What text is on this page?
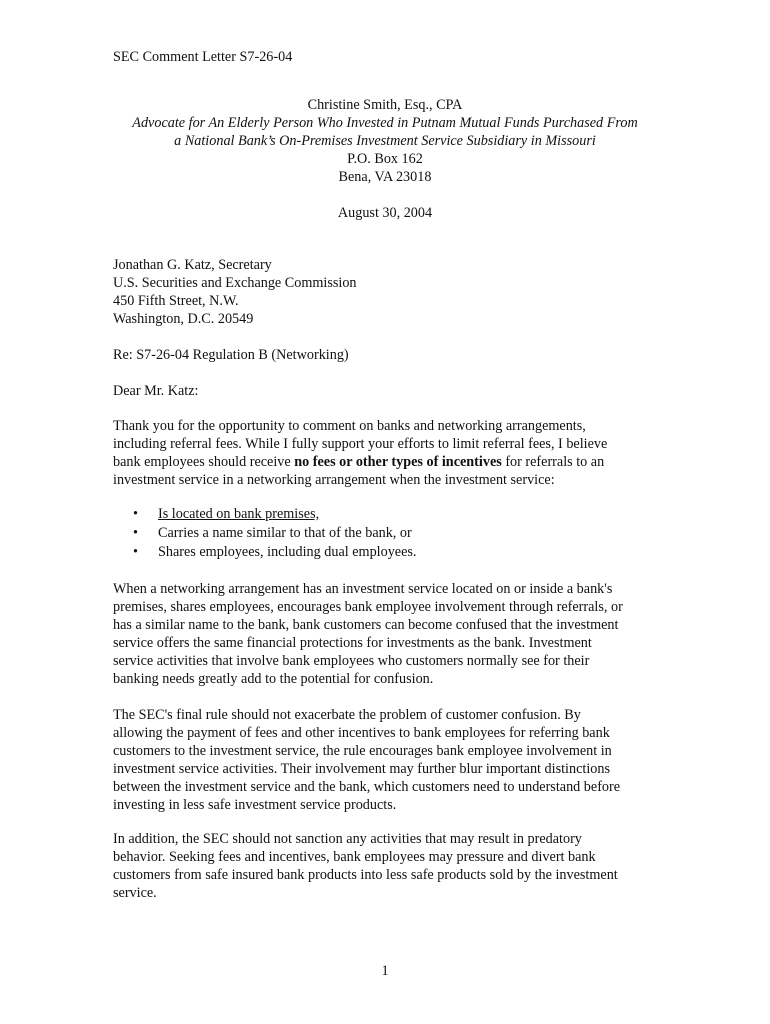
SEC Comment Letter S7-26-04
Christine Smith, Esq., CPA
Advocate for An Elderly Person Who Invested in Putnam Mutual Funds Purchased From
a National Bank’s On-Premises Investment Service Subsidiary in Missouri
P.O. Box 162
Bena, VA 23018
August 30, 2004
Jonathan G. Katz, Secretary
U.S. Securities and Exchange Commission
450 Fifth Street, N.W.
Washington, D.C. 20549
Re: S7-26-04 Regulation B (Networking)
Dear Mr. Katz:
Thank you for the opportunity to comment on banks and networking arrangements,
including referral fees. While I fully support your efforts to limit referral fees, I believe
bank employees should receive no fees or other types of incentives for referrals to an
investment service in a networking arrangement when the investment service:
• Is located on bank premises,
• Carries a name similar to that of the bank, or
• Shares employees, including dual employees.
When a networking arrangement has an investment service located on or inside a bank's
premises, shares employees, encourages bank employee involvement through referrals, or
has a similar name to the bank, bank customers can become confused that the investment
service offers the same financial protections for investments as the bank. Investment
service activities that involve bank employees who customers normally see for their
banking needs greatly add to the potential for confusion.
The SEC's final rule should not exacerbate the problem of customer confusion. By
allowing the payment of fees and other incentives to bank employees for referring bank
customers to the investment service, the rule encourages bank employee involvement in
investment service activities. Their involvement may further blur important distinctions
between the investment service and the bank, which customers need to understand before
investing in less safe investment service products.
In addition, the SEC should not sanction any activities that may result in predatory
behavior. Seeking fees and incentives, bank employees may pressure and divert bank
customers from safe insured bank products into less safe products sold by the investment
service.
1
